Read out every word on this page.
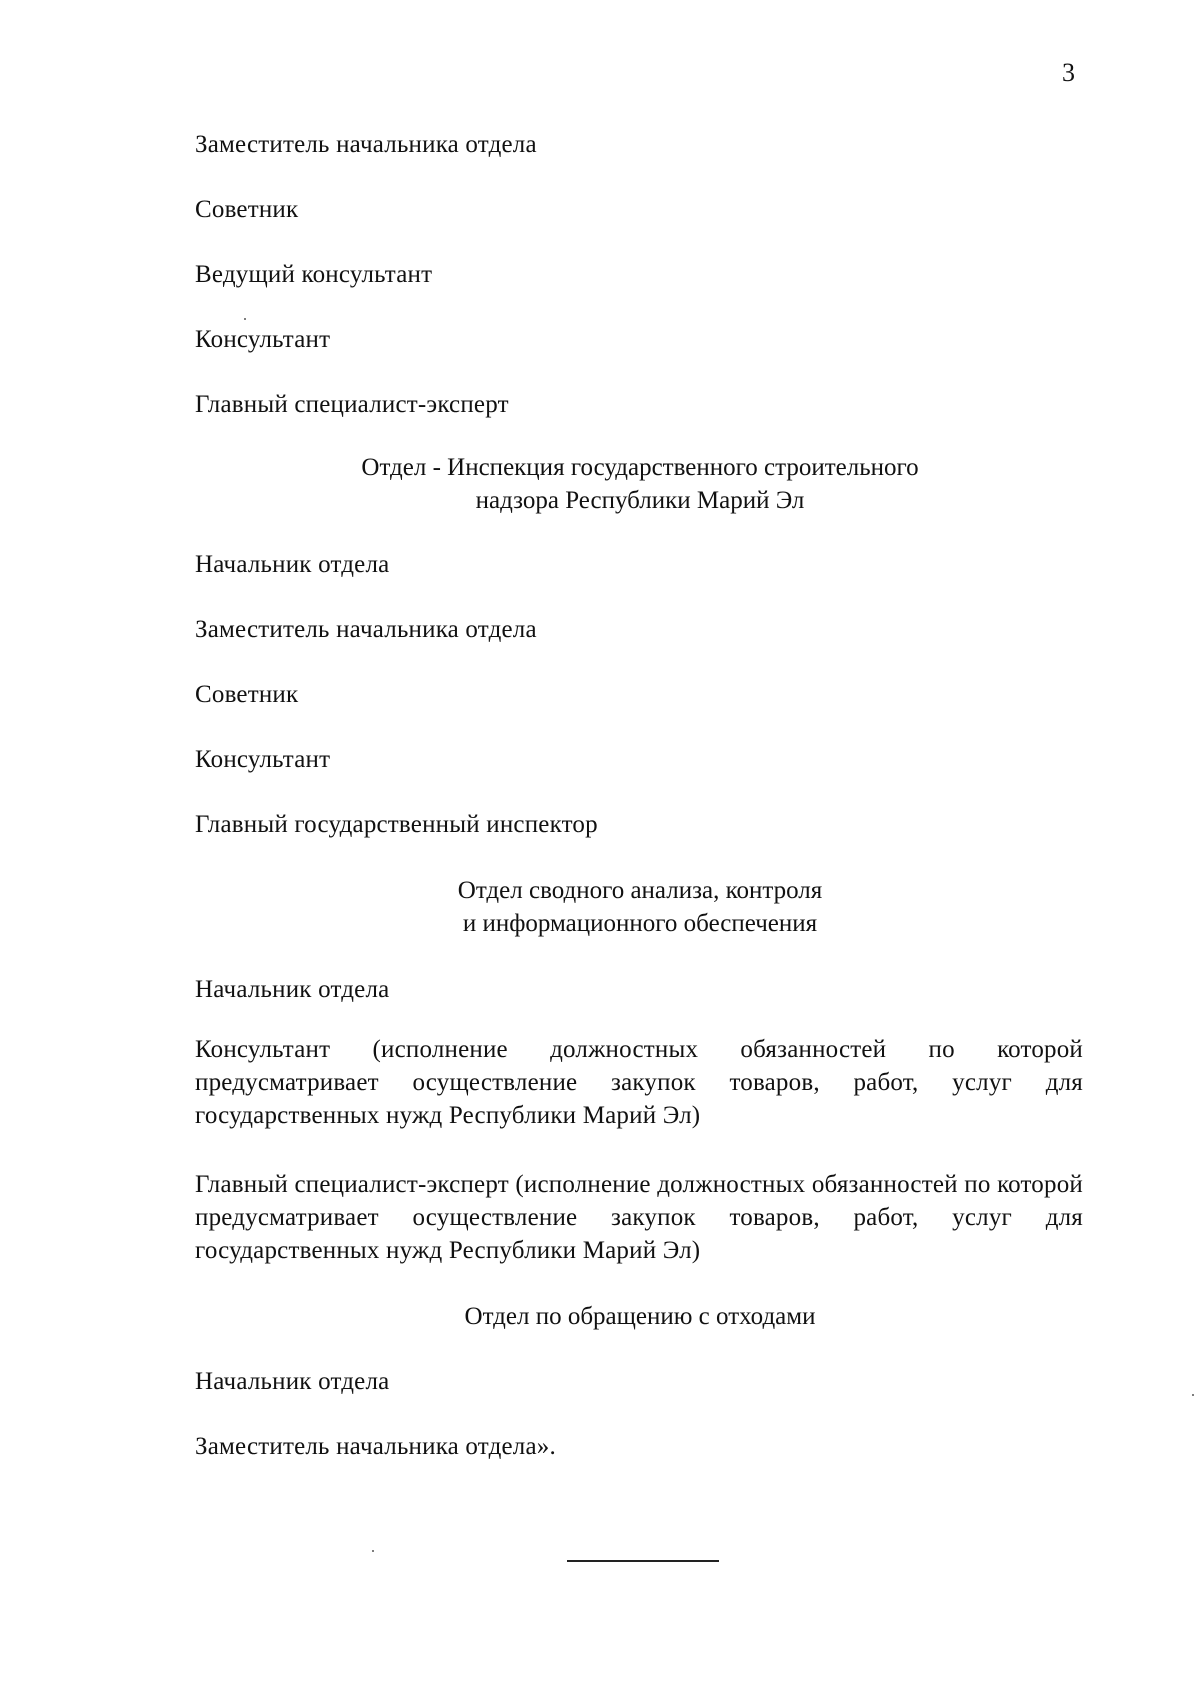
3
Заместитель начальника отдела
Советник
Ведущий консультант
Консультант
Главный специалист-эксперт
Отдел - Инспекция государственного строительного
надзора Республики Марий Эл
Начальник отдела
Заместитель начальника отдела
Советник
Консультант
Главный государственный инспектор
Отдел сводного анализа, контроля
и информационного обеспечения
Начальник отдела
Консультант (исполнение должностных обязанностей по которой предусматривает осуществление закупок товаров, работ, услуг для государственных нужд Республики Марий Эл)
Главный специалист-эксперт (исполнение должностных обязанностей по которой предусматривает осуществление закупок товаров, работ, услуг для государственных нужд Республики Марий Эл)
Отдел по обращению с отходами
Начальник отдела
Заместитель начальника отдела».
